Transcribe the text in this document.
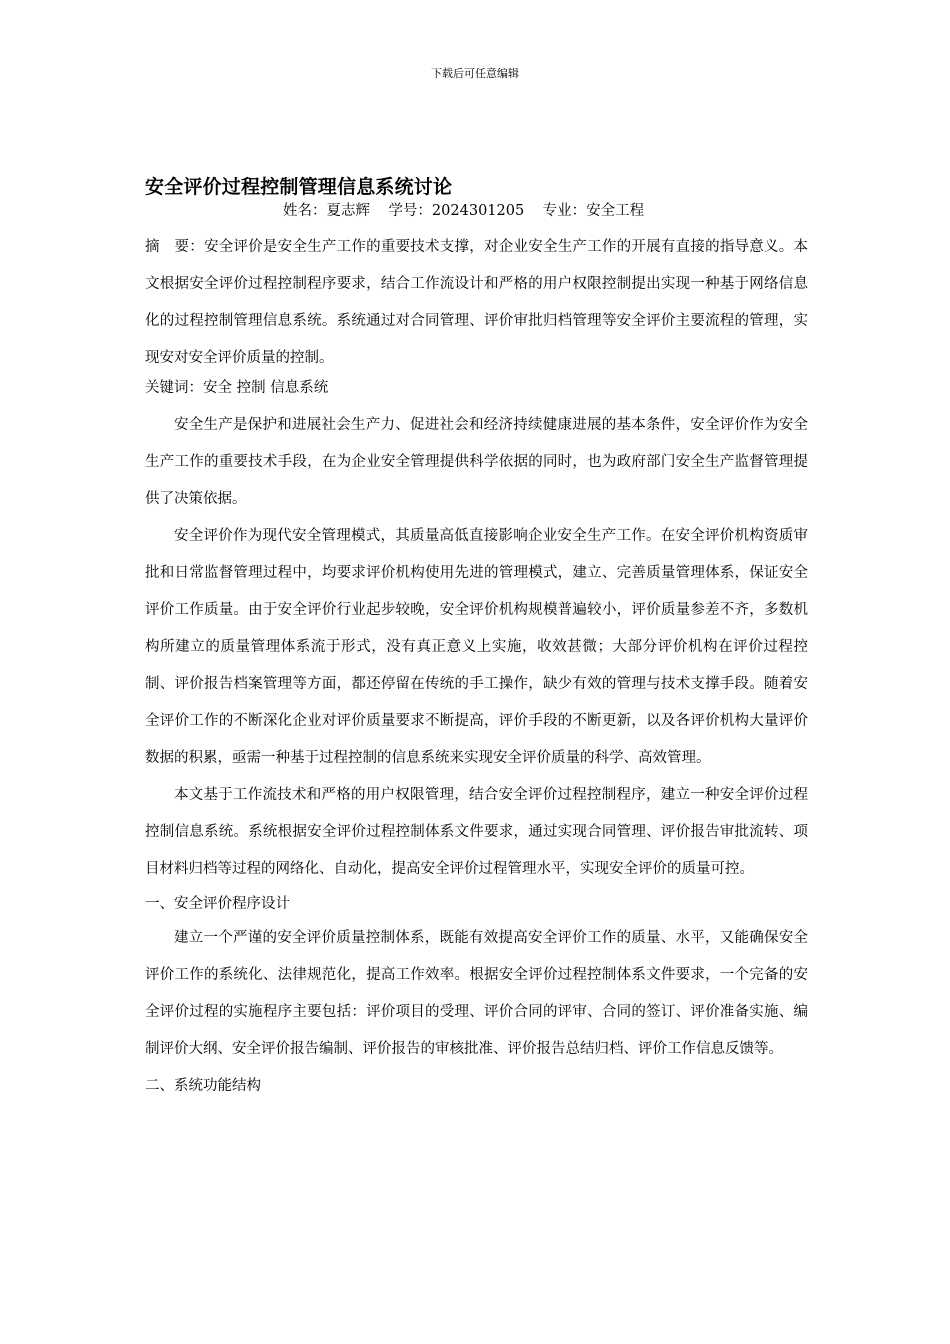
下载后可任意编辑
安全评价过程控制管理信息系统讨论
姓名：夏志辉 学号：2024301205 专业：安全工程

摘　要：安全评价是安全生产工作的重要技术支撑，对企业安全生产工作的开展有直接的指导意义。本文根据安全评价过程控制程序要求，结合工作流设计和严格的用户权限控制提出实现一种基于网络信息化的过程控制管理信息系统。系统通过对合同管理、评价审批归档管理等安全评价主要流程的管理，实现安对安全评价质量的控制。

关键词：安全 控制 信息系统

安全生产是保护和进展社会生产力、促进社会和经济持续健康进展的基本条件，安全评价作为安全生产工作的重要技术手段，在为企业安全管理提供科学依据的同时，也为政府部门安全生产监督管理提供了决策依据。

安全评价作为现代安全管理模式，其质量高低直接影响企业安全生产工作。在安全评价机构资质审批和日常监督管理过程中，均要求评价机构使用先进的管理模式，建立、完善质量管理体系，保证安全评价工作质量。由于安全评价行业起步较晚，安全评价机构规模普遍较小，评价质量参差不齐，多数机构所建立的质量管理体系流于形式，没有真正意义上实施，收效甚微；大部分评价机构在评价过程控制、评价报告档案管理等方面，都还停留在传统的手工操作，缺少有效的管理与技术支撑手段。随着安全评价工作的不断深化企业对评价质量要求不断提高，评价手段的不断更新，以及各评价机构大量评价数据的积累，亟需一种基于过程控制的信息系统来实现安全评价质量的科学、高效管理。

本文基于工作流技术和严格的用户权限管理，结合安全评价过程控制程序，建立一种安全评价过程控制信息系统。系统根据安全评价过程控制体系文件要求，通过实现合同管理、评价报告审批流转、项目材料归档等过程的网络化、自动化，提高安全评价过程管理水平，实现安全评价的质量可控。

一、安全评价程序设计

建立一个严谨的安全评价质量控制体系，既能有效提高安全评价工作的质量、水平，又能确保安全评价工作的系统化、法律规范化，提高工作效率。根据安全评价过程控制体系文件要求，一个完备的安全评价过程的实施程序主要包括：评价项目的受理、评价合同的评审、合同的签订、评价准备实施、编制评价大纲、安全评价报告编制、评价报告的审核批准、评价报告总结归档、评价工作信息反馈等。

二、系统功能结构
